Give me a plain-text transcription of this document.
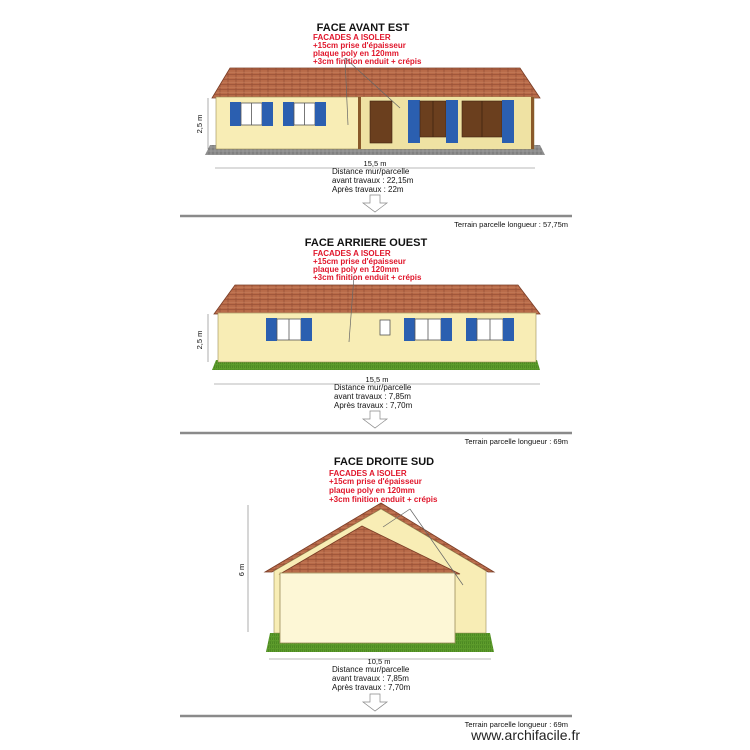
FACE AVANT EST
FACADES A ISOLER
+15cm prise d'épaisseur
plaque poly en 120mm
+3cm finition enduit + crépis
2,5 m
15,5 m
Distance mur/parcelle
avant travaux : 22,15m
Après travaux : 22m
Terrain parcelle longueur : 57,75m
FACE ARRIERE OUEST
FACADES A ISOLER
+15cm prise d'épaisseur
plaque poly en 120mm
+3cm finition enduit + crépis
2,5 m
15,5 m
Distance mur/parcelle
avant travaux : 7,85m
Après travaux : 7,70m
Terrain parcelle longueur : 69m
FACE DROITE SUD
FACADES A ISOLER
+15cm prise d'épaisseur
plaque poly en 120mm
+3cm finition enduit + crépis
6 m
10,5 m
Distance mur/parcelle
avant travaux : 7,85m
Après travaux : 7,70m
Terrain parcelle longueur : 69m
www.archifacile.fr
